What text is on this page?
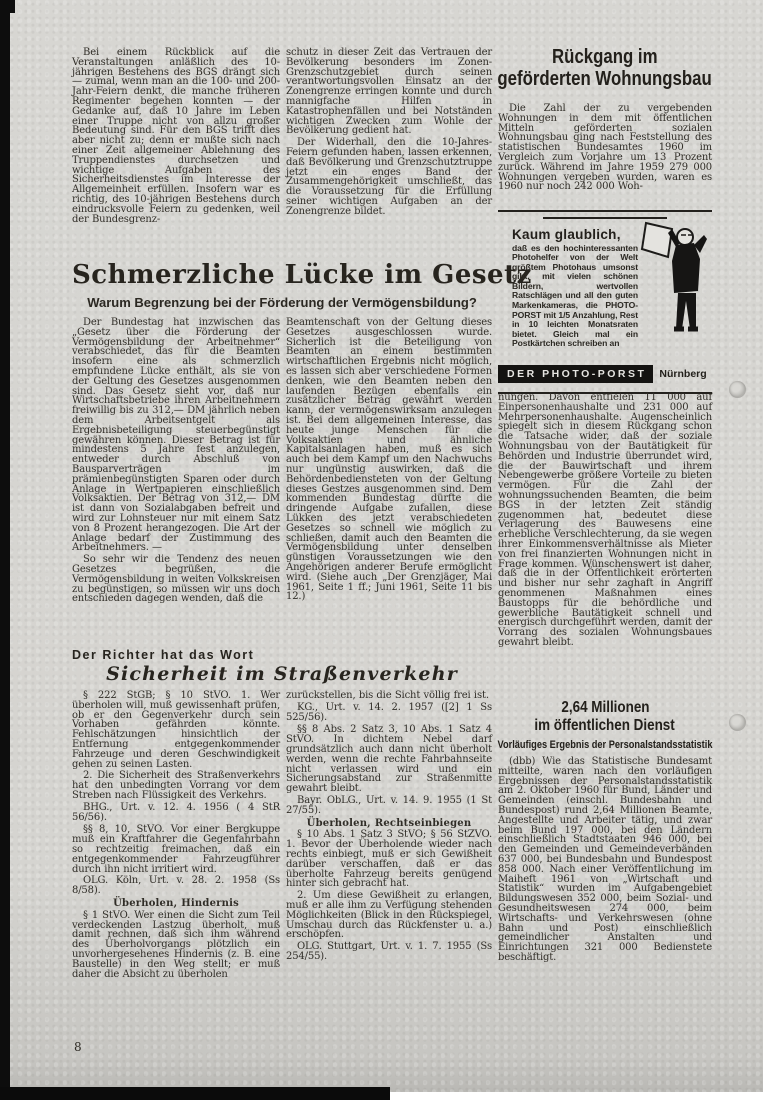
Bei einem Rückblick auf die Veranstaltungen anläßlich des 10-jährigen Bestehens des BGS drängt sich — zumal, wenn man an die 100- und 200-Jahr-Feiern denkt, die manche früheren Regimenter begehen konnten — der Gedanke auf, daß 10 Jahre im Leben einer Truppe nicht von allzu großer Bedeutung sind. Für den BGS trifft dies aber nicht zu; denn er mußte sich nach einer Zeit allgemeiner Ablehnung des Truppendienstes durchsetzen und wichtige Aufgaben des Sicherheitsdienstes im Interesse der Allgemeinheit erfüllen. Insofern war es richtig, des 10-jährigen Bestehens durch eindrucksvolle Feiern zu gedenken, weil der Bundesgrenz-

schutz in dieser Zeit das Vertrauen der Bevölkerung besonders im Zonen-Grenzschutzgebiet durch seinen verantwortungsvollen Einsatz an der Zonengrenze erringen konnte und durch mannigfache Hilfen in Katastrophenfällen und bei Notständen wichtigen Zwecken zum Wohle der Bevölkerung gedient hat.

Der Widerhall, den die 10-Jahres-Feiern gefunden haben, lassen erkennen, daß Bevölkerung und Grenzschutztruppe jetzt ein enges Band der Zusammengehörigkeit umschließt, das die Voraussetzung für die Erfüllung seiner wichtigen Aufgaben an der Zonengrenze bildet.

Schmerzliche Lücke im Gesetz
Warum Begrenzung bei der Förderung der Vermögensbildung?

Der Bundestag hat inzwischen das „Gesetz über die Förderung der Vermögensbildung der Arbeitnehmer“ verabschiedet, das für die Beamten insofern eine als schmerzlich empfundene Lücke enthält, als sie von der Geltung des Gesetzes ausgenommen sind. Das Gesetz sieht vor, daß nur Wirtschaftsbetriebe ihren Arbeitnehmern freiwillig bis zu 312,— DM jährlich neben dem Arbeitsentgelt als Ergebnisbeteiligung steuerbegünstigt gewähren können. Dieser Betrag ist für mindestens 5 Jahre fest anzulegen, entweder durch Abschluß von Bausparverträgen im prämienbegünstigten Sparen oder durch Anlage in Wertpapieren einschließlich Volksaktien. Der Betrag von 312,— DM ist dann von Sozialabgaben befreit und wird zur Lohnsteuer nur mit einem Satz von 8 Prozent herangezogen. Die Art der Anlage bedarf der Zustimmung des Arbeitnehmers. —

So sehr wir die Tendenz des neuen Gesetzes begrüßen, die Vermögensbildung in weiten Volkskreisen zu begünstigen, so müssen wir uns doch entschieden dagegen wenden, daß die

Beamtenschaft von der Geltung dieses Gesetzes ausgeschlossen wurde. Sicherlich ist die Beteiligung von Beamten an einem bestimmten wirtschaftlichen Ergebnis nicht möglich, es lassen sich aber verschiedene Formen denken, wie den Beamten neben den laufenden Bezügen ebenfalls ein zusätzlicher Betrag gewährt werden kann, der vermögenswirksam anzulegen ist. Bei dem allgemeinen Interesse, das heute junge Menschen für die Volksaktien und ähnliche Kapitalsanlagen haben, muß es sich auch bei dem Kampf um den Nachwuchs nur ungünstig auswirken, daß die Behördenbediensteten von der Geltung dieses Gestzes ausgenommen sind. Dem kommenden Bundestag dürfte die dringende Aufgabe zufallen, diese Lükken des jetzt verabschiedeten Gesetzes so schnell wie möglich zu schließen, damit auch den Beamten die Vermögensbildung unter denselben günstigen Voraussetzungen wie den Angehörigen anderer Berufe ermöglicht wird. (Siehe auch „Der Grenzjäger, Mai 1961, Seite 1 ff.; Juni 1961, Seite 11 bis 12.)

Der Richter hat das Wort
Sicherheit im Straßenverkehr

§ 222 StGB; § 10 StVO. 1. Wer überholen will, muß gewissenhaft prüfen, ob er den Gegenverkehr durch sein Vorhaben gefährden könnte. Fehlschätzungen hinsichtlich der Entfernung entgegenkommender Fahrzeuge und deren Geschwindigkeit gehen zu seinen Lasten.

2. Die Sicherheit des Straßenverkehrs hat den unbedingten Vorrang vor dem Streben nach Flüssigkeit des Verkehrs.

BHG., Urt. v. 12. 4. 1956 ( 4 StR 56/56).

§§ 8, 10, StVO. Vor einer Bergkuppe muß ein Kraftfahrer die Gegenfahrbahn so rechtzeitig freimachen, daß ein entgegenkommender Fahrzeugführer durch ihn nicht irritiert wird.

OLG. Köln, Urt. v. 28. 2. 1958 (Ss 8/58).

Überholen, Hindernis

§ 1 StVO. Wer einen die Sicht zum Teil verdeckenden Lastzug überholt, muß damit rechnen, daß sich ihm während des Überholvorgangs plötzlich ein unvorhergesehenes Hindernis (z. B. eine Baustelle) in den Weg stellt; er muß daher die Absicht zu überholen

zurückstellen, bis die Sicht völlig frei ist.

KG., Urt. v. 14. 2. 1957 ([2] 1 Ss 525/56).

§§ 8 Abs. 2 Satz 3, 10 Abs. 1 Satz 4 StVO. In dichtem Nebel darf grundsätzlich auch dann nicht überholt werden, wenn die rechte Fahrbahnseite nicht verlassen wird und ein Sicherungsabstand zur Straßenmitte gewahrt bleibt.

Bayr. ObLG., Urt. v. 14. 9. 1955 (1 St 27/55).

Überholen, Rechtseinbiegen

§ 10 Abs. 1 Satz 3 StVO; § 56 StZVO. 1. Bevor der Überholende wieder nach rechts einbiegt, muß er sich Gewißheit darüber verschaffen, daß er das überholte Fahrzeug bereits genügend hinter sich gebracht hat.

2. Um diese Gewißheit zu erlangen, muß er alle ihm zu Verfügung stehenden Möglichkeiten (Blick in den Rückspiegel, Umschau durch das Rückfenster u. a.) erschöpfen.

OLG. Stuttgart, Urt. v. 1. 7. 1955 (Ss 254/55).

Rückgang im
geförderten Wohnungsbau

Die Zahl der zu vergebenden Wohnungen in dem mit öffentlichen Mitteln geförderten sozialen Wohnungsbau ging nach Feststellung des statistischen Bundesamtes 1960 im Vergleich zum Vorjahre um 13 Prozent zurück. Während im Jahre 1959 279 000 Wohnungen vergeben wurden, waren es 1960 nur noch 242 000 Woh-

Kaum glaublich,
daß es den hochinteressanten Photohelfer von der Welt größtem Photohaus umsonst gibt, mit vielen schönen Bildern, wertvollen Ratschlägen und all den guten Markenkameras, die PHOTO-PORST mit 1/5 Anzahlung, Rest in 10 leichten Monatsraten bietet. Gleich mal ein Postkärtchen schreiben an
DER PHOTO-PORST	Nürnberg

nungen. Davon entfielen 11 000 auf Einpersonenhaushalte und 231 000 auf Mehrpersonenhaushalte. Augenscheinlich spiegelt sich in diesem Rückgang schon die Tatsache wider, daß der soziale Wohnungsbau von der Bautätigkeit für Behörden und Industrie überrundet wird, die der Bauwirtschaft und ihrem Nebengewerbe größere Vorteile zu bieten vermögen. Für die Zahl der wohnungssuchenden Beamten, die beim BGS in der letzten Zeit ständig zugenommen hat, bedeutet diese Verlagerung des Bauwesens eine erhebliche Verschlechterung, da sie wegen ihrer Einkommensverhältnisse als Mieter von frei finanzierten Wohnungen nicht in Frage kommen. Wünschenswert ist daher, daß die in der Öffentlichkeit erörterten und bisher nur sehr zaghaft in Angriff genommenen Maßnahmen eines Baustopps für die behördliche und gewerbliche Bautätigkeit schnell und energisch durchgeführt werden, damit der Vorrang des sozialen Wohnungsbaues gewahrt bleibt.

2,64 Millionen
im öffentlichen Dienst
Vorläufiges Ergebnis der Personalstandsstatistik

(dbb) Wie das Statistische Bundesamt mitteilte, waren nach den vorläufigen Ergebnissen der Personalstandsstatistik am 2. Oktober 1960 für Bund, Länder und Gemeinden (einschl. Bundesbahn und Bundespost) rund 2,64 Millionen Beamte, Angestellte und Arbeiter tätig, und zwar beim Bund 197 000, bei den Ländern einschließlich Stadtstaaten 946 000, bei den Gemeinden und Gemeindeverbänden 637 000, bei Bundesbahn und Bundespost 858 000. Nach einer Veröffentlichung im Maiheft 1961 von „Wirtschaft und Statistik“ wurden im Aufgabengebiet Bildungswesen 352 000, beim Sozial- und Gesundheitswesen 274 000, beim Wirtschafts- und Verkehrswesen (ohne Bahn und Post) einschließlich gemeindlicher Anstalten und Einrichtungen 321 000 Bedienstete beschäftigt.

8
